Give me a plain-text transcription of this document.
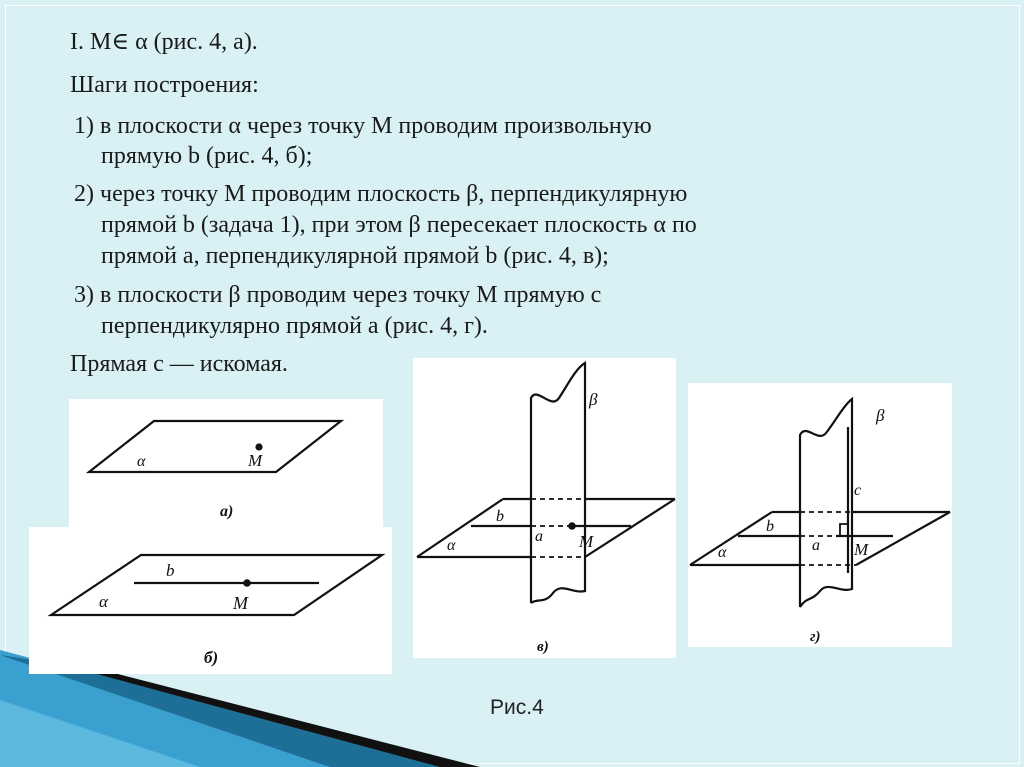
I. M∈ α (рис. 4, а).
Шаги построения:
1) в плоскости α через точку M проводим произвольную
прямую b (рис. 4, б);
2) через точку M проводим плоскость β, перпендикулярную
прямой b (задача 1), при этом β пересекает плоскость α по
прямой a, перпендикулярной прямой b (рис. 4, в);
3) в плоскости β проводим через точку M прямую c
перпендикулярно прямой a (рис. 4, г).
Прямая c — искомая.
α	M
а)
α
b
M
б)
β
α
b
a M
в)
β
c
α
b
a M
г)
Рис.4
